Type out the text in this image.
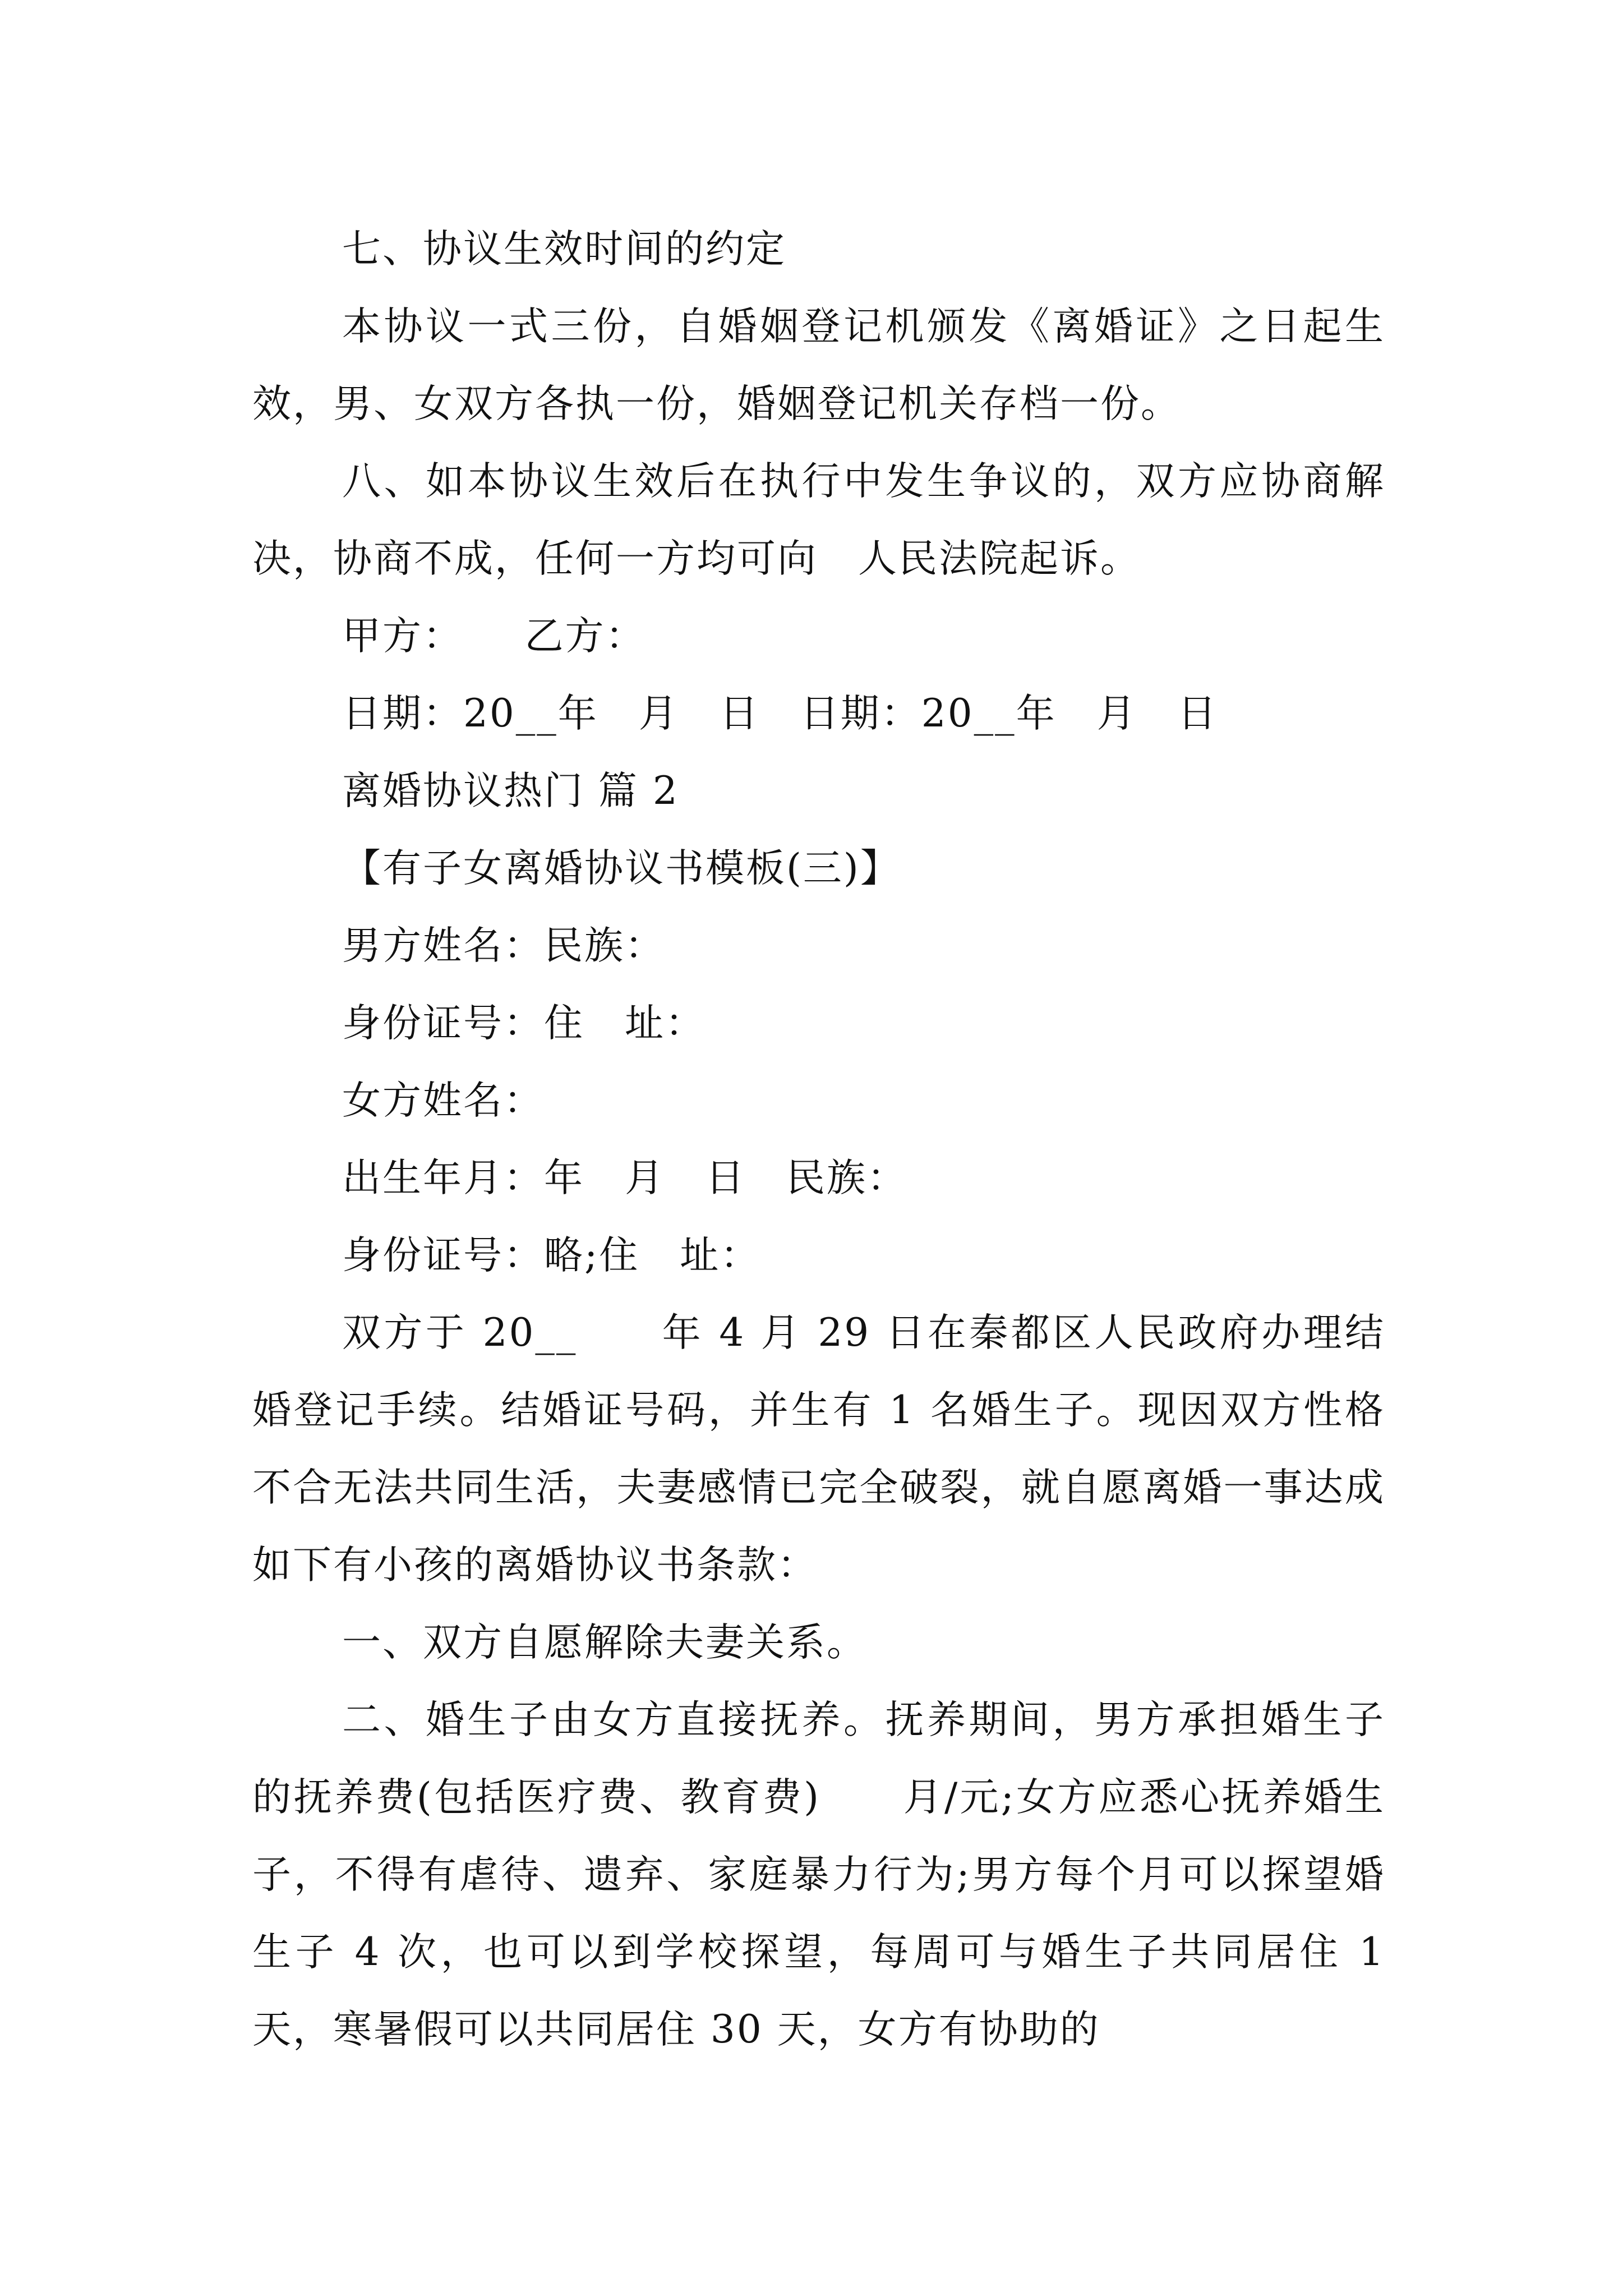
七、协议生效时间的约定

本协议一式三份，自婚姻登记机颁发《离婚证》之日起生效，男、女双方各执一份，婚姻登记机关存档一份。

八、如本协议生效后在执行中发生争议的，双方应协商解决，协商不成，任何一方均可向　人民法院起诉。

甲方：　　乙方：

日期：20__年　月　日　日期：20__年　月　日

离婚协议热门 篇 2

【有子女离婚协议书模板(三)】

男方姓名：民族：

身份证号：住　址：

女方姓名：

出生年月：年　月　日　民族：

身份证号：略;住　址：

双方于 20__　　年 4 月 29 日在秦都区人民政府办理结婚登记手续。结婚证号码，并生有 1 名婚生子。现因双方性格不合无法共同生活，夫妻感情已完全破裂，就自愿离婚一事达成如下有小孩的离婚协议书条款：

一、双方自愿解除夫妻关系。

二、婚生子由女方直接抚养。抚养期间，男方承担婚生子的抚养费(包括医疗费、教育费)　　月/元;女方应悉心抚养婚生子，不得有虐待、遗弃、家庭暴力行为;男方每个月可以探望婚生子 4 次，也可以到学校探望，每周可与婚生子共同居住 1 天，寒暑假可以共同居住 30 天，女方有协助的
